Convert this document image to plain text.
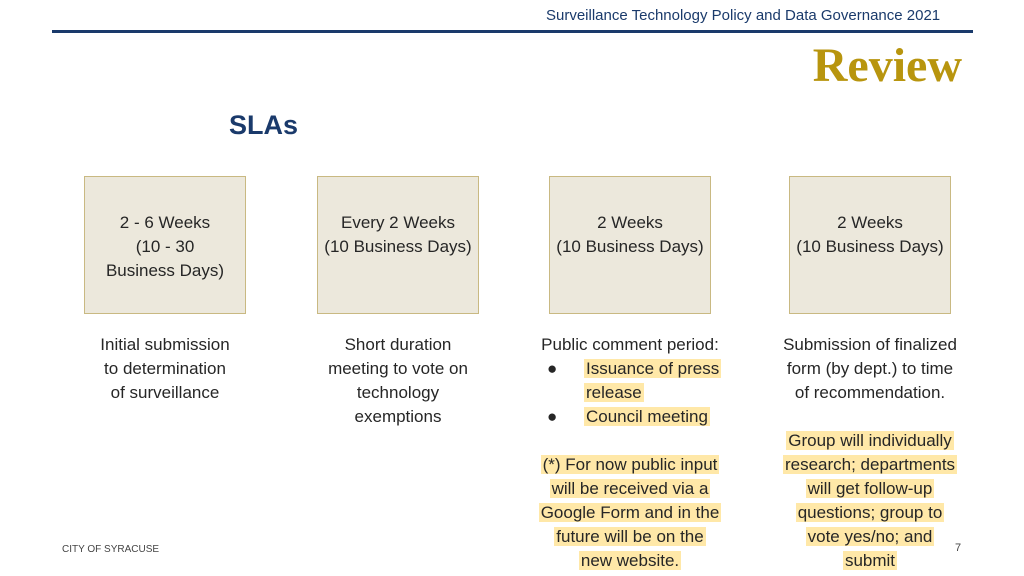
Surveillance Technology Policy and Data Governance 2021
Review
SLAs
2 - 6 Weeks
(10 - 30
Business Days)
Every 2 Weeks
(10 Business Days)
2 Weeks
(10 Business Days)
2 Weeks
(10 Business Days)
Initial submission
to determination
of surveillance
Short duration
meeting to vote on
technology
exemptions
Public comment period:
● Issuance of press
release
● Council meeting
(*) For now public input
will be received via a
Google Form and in the
future will be on the
new website.
Submission of finalized
form (by dept.) to time
of recommendation.
Group will individually
research; departments
will get follow-up
questions; group to
vote yes/no; and
submit
CITY OF SYRACUSE	7
